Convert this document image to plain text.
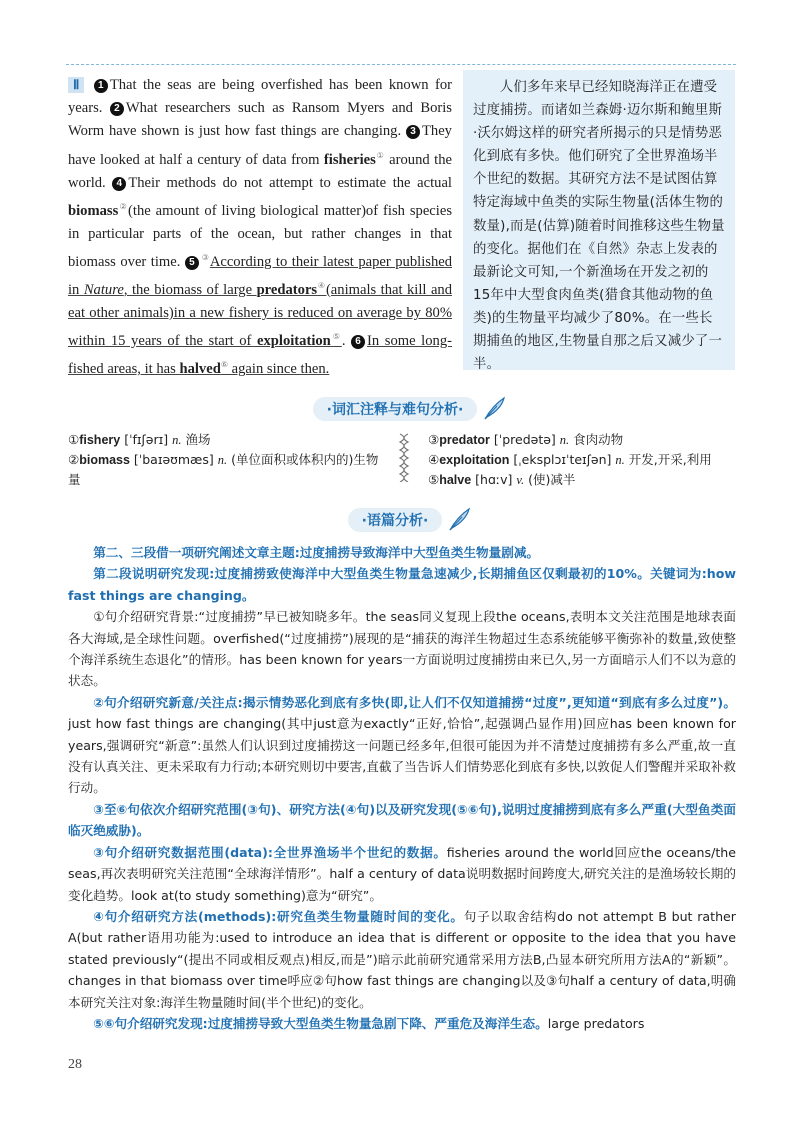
Ⅱ 1 That the seas are being overfished has been known for years. 2 What researchers such as Ransom Myers and Boris Worm have shown is just how fast things are changing. 3 They have looked at half a century of data from fisheries① around the world. 4 Their methods do not attempt to estimate the actual biomass②(the amount of living biological matter)of fish species in particular parts of the ocean, but rather changes in that biomass over time. 5 ③According to their latest paper published in Nature, the biomass of large predators④(animals that kill and eat other animals)in a new fishery is reduced on average by 80% within 15 years of the start of exploitation⑤. 6 In some long-fished areas, it has halved⑥ again since then.

人们多年来早已经知晓海洋正在遭受过度捕捞。而诸如兰森姆·迈尔斯和鲍里斯·沃尔姆这样的研究者所揭示的只是情势恶化到底有多快。他们研究了全世界渔场半个世纪的数据。其研究方法不是试图估算特定海域中鱼类的实际生物量(活体生物的数量),而是(估算)随着时间推移这些生物量的变化。据他们在《自然》杂志上发表的最新论文可知,一个新渔场在开发之初的15年中大型食肉鱼类(猎食其他动物的鱼类)的生物量平均减少了80%。在一些长期捕鱼的地区,生物量自那之后又减少了一半。

·词汇注释与难句分析·
①fishery [ˈfɪʃərɪ] n. 渔场
②biomass [ˈbaɪəʊmæs] n. (单位面积或体积内的)生物量
③predator [ˈpredətə] n. 食肉动物
④exploitation [ˌeksplɔɪˈteɪʃən] n. 开发,开采,利用
⑤halve [hɑːv] v. (使)减半
·语篇分析·

第二、三段借一项研究阐述文章主题:过度捕捞导致海洋中大型鱼类生物量剧减。

第二段说明研究发现:过度捕捞致使海洋中大型鱼类生物量急速减少,长期捕鱼区仅剩最初的10%。关键词为:how fast things are changing。

①句介绍研究背景:“过度捕捞”早已被知晓多年。the seas同义复现上段the oceans,表明本文关注范围是地球表面各大海域,是全球性问题。overfished(“过度捕捞”)展现的是“捕获的海洋生物超过生态系统能够平衡弥补的数量,致使整个海洋系统生态退化”的情形。has been known for years一方面说明过度捕捞由来已久,另一方面暗示人们不以为意的状态。

②句介绍研究新意/关注点:揭示情势恶化到底有多快(即,让人们不仅知道捕捞“过度”,更知道“到底有多么过度”)。just how fast things are changing(其中just意为exactly“正好,恰恰”,起强调凸显作用)回应has been known for years,强调研究“新意”:虽然人们认识到过度捕捞这一问题已经多年,但很可能因为并不清楚过度捕捞有多么严重,故一直没有认真关注、更未采取有力行动;本研究则切中要害,直截了当告诉人们情势恶化到底有多快,以敦促人们警醒并采取补救行动。

③至⑥句依次介绍研究范围(③句)、研究方法(④句)以及研究发现(⑤⑥句),说明过度捕捞到底有多么严重(大型鱼类面临灭绝威胁)。

③句介绍研究数据范围(data):全世界渔场半个世纪的数据。fisheries around the world回应the oceans/the seas,再次表明研究关注范围“全球海洋情形”。half a century of data说明数据时间跨度大,研究关注的是渔场较长期的变化趋势。look at(to study something)意为“研究”。

④句介绍研究方法(methods):研究鱼类生物量随时间的变化。句子以取舍结构do not attempt B but rather A(but rather语用功能为:used to introduce an idea that is different or opposite to the idea that you have stated previously“(提出不同或相反观点)相反,而是”)暗示此前研究通常采用方法B,凸显本研究所用方法A的“新颖”。changes in that biomass over time呼应②句how fast things are changing以及③句half a century of data,明确本研究关注对象:海洋生物量随时间(半个世纪)的变化。

⑤⑥句介绍研究发现:过度捕捞导致大型鱼类生物量急剧下降、严重危及海洋生态。large predators

28
